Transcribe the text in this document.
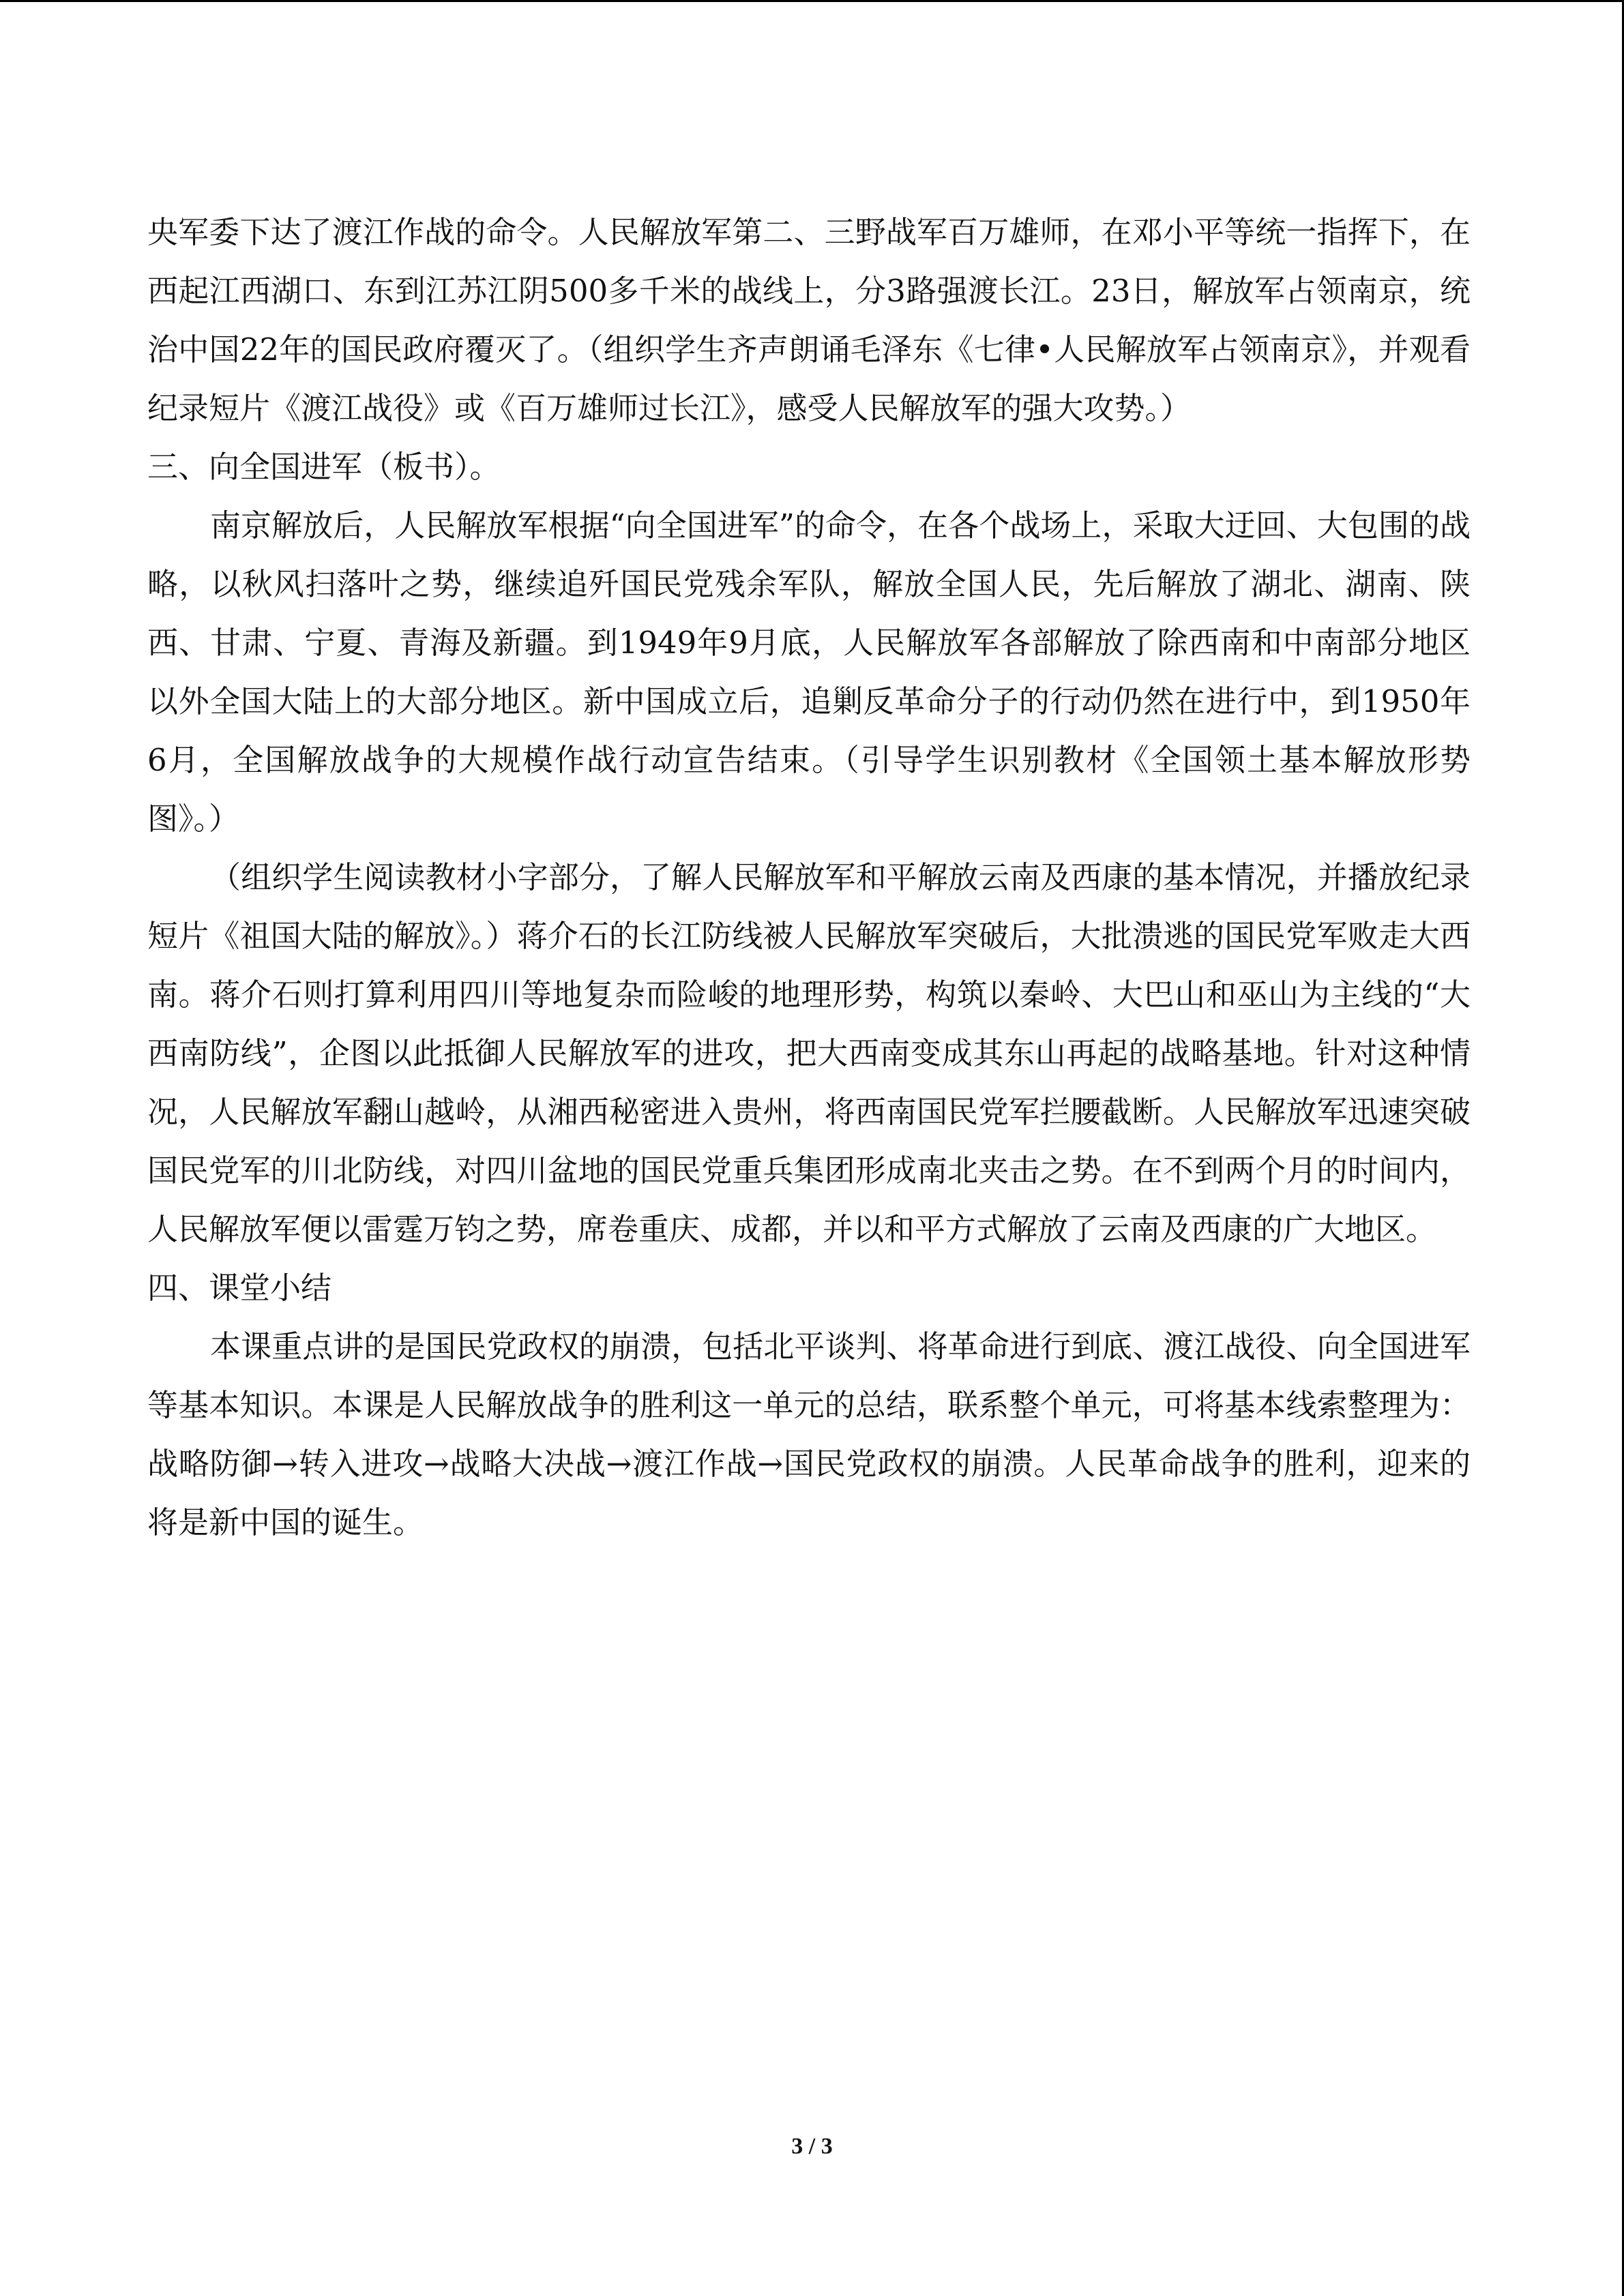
央军委下达了渡江作战的命令。人民解放军第二、三野战军百万雄师，在邓小平等统一指挥下，在西起江西湖口、东到江苏江阴500多千米的战线上，分3路强渡长江。23日，解放军占领南京，统治中国22年的国民政府覆灭了。（组织学生齐声朗诵毛泽东《七律•人民解放军占领南京》，并观看纪录短片《渡江战役》或《百万雄师过长江》，感受人民解放军的强大攻势。）

三、向全国进军（板书）。

南京解放后，人民解放军根据“向全国进军”的命令，在各个战场上，采取大迂回、大包围的战略，以秋风扫落叶之势，继续追歼国民党残余军队，解放全国人民，先后解放了湖北、湖南、陕西、甘肃、宁夏、青海及新疆。到1949年9月底，人民解放军各部解放了除西南和中南部分地区以外全国大陆上的大部分地区。新中国成立后，追剿反革命分子的行动仍然在进行中，到1950年6月，全国解放战争的大规模作战行动宣告结束。（引导学生识别教材《全国领土基本解放形势图》。）

（组织学生阅读教材小字部分，了解人民解放军和平解放云南及西康的基本情况，并播放纪录短片《祖国大陆的解放》。）蒋介石的长江防线被人民解放军突破后，大批溃逃的国民党军败走大西南。蒋介石则打算利用四川等地复杂而险峻的地理形势，构筑以秦岭、大巴山和巫山为主线的“大西南防线”，企图以此抵御人民解放军的进攻，把大西南变成其东山再起的战略基地。针对这种情况，人民解放军翻山越岭，从湘西秘密进入贵州，将西南国民党军拦腰截断。人民解放军迅速突破国民党军的川北防线，对四川盆地的国民党重兵集团形成南北夹击之势。在不到两个月的时间内，人民解放军便以雷霆万钧之势，席卷重庆、成都，并以和平方式解放了云南及西康的广大地区。

四、课堂小结

本课重点讲的是国民党政权的崩溃，包括北平谈判、将革命进行到底、渡江战役、向全国进军等基本知识。本课是人民解放战争的胜利这一单元的总结，联系整个单元，可将基本线索整理为：战略防御→转入进攻→战略大决战→渡江作战→国民党政权的崩溃。人民革命战争的胜利，迎来的将是新中国的诞生。

3 / 3
